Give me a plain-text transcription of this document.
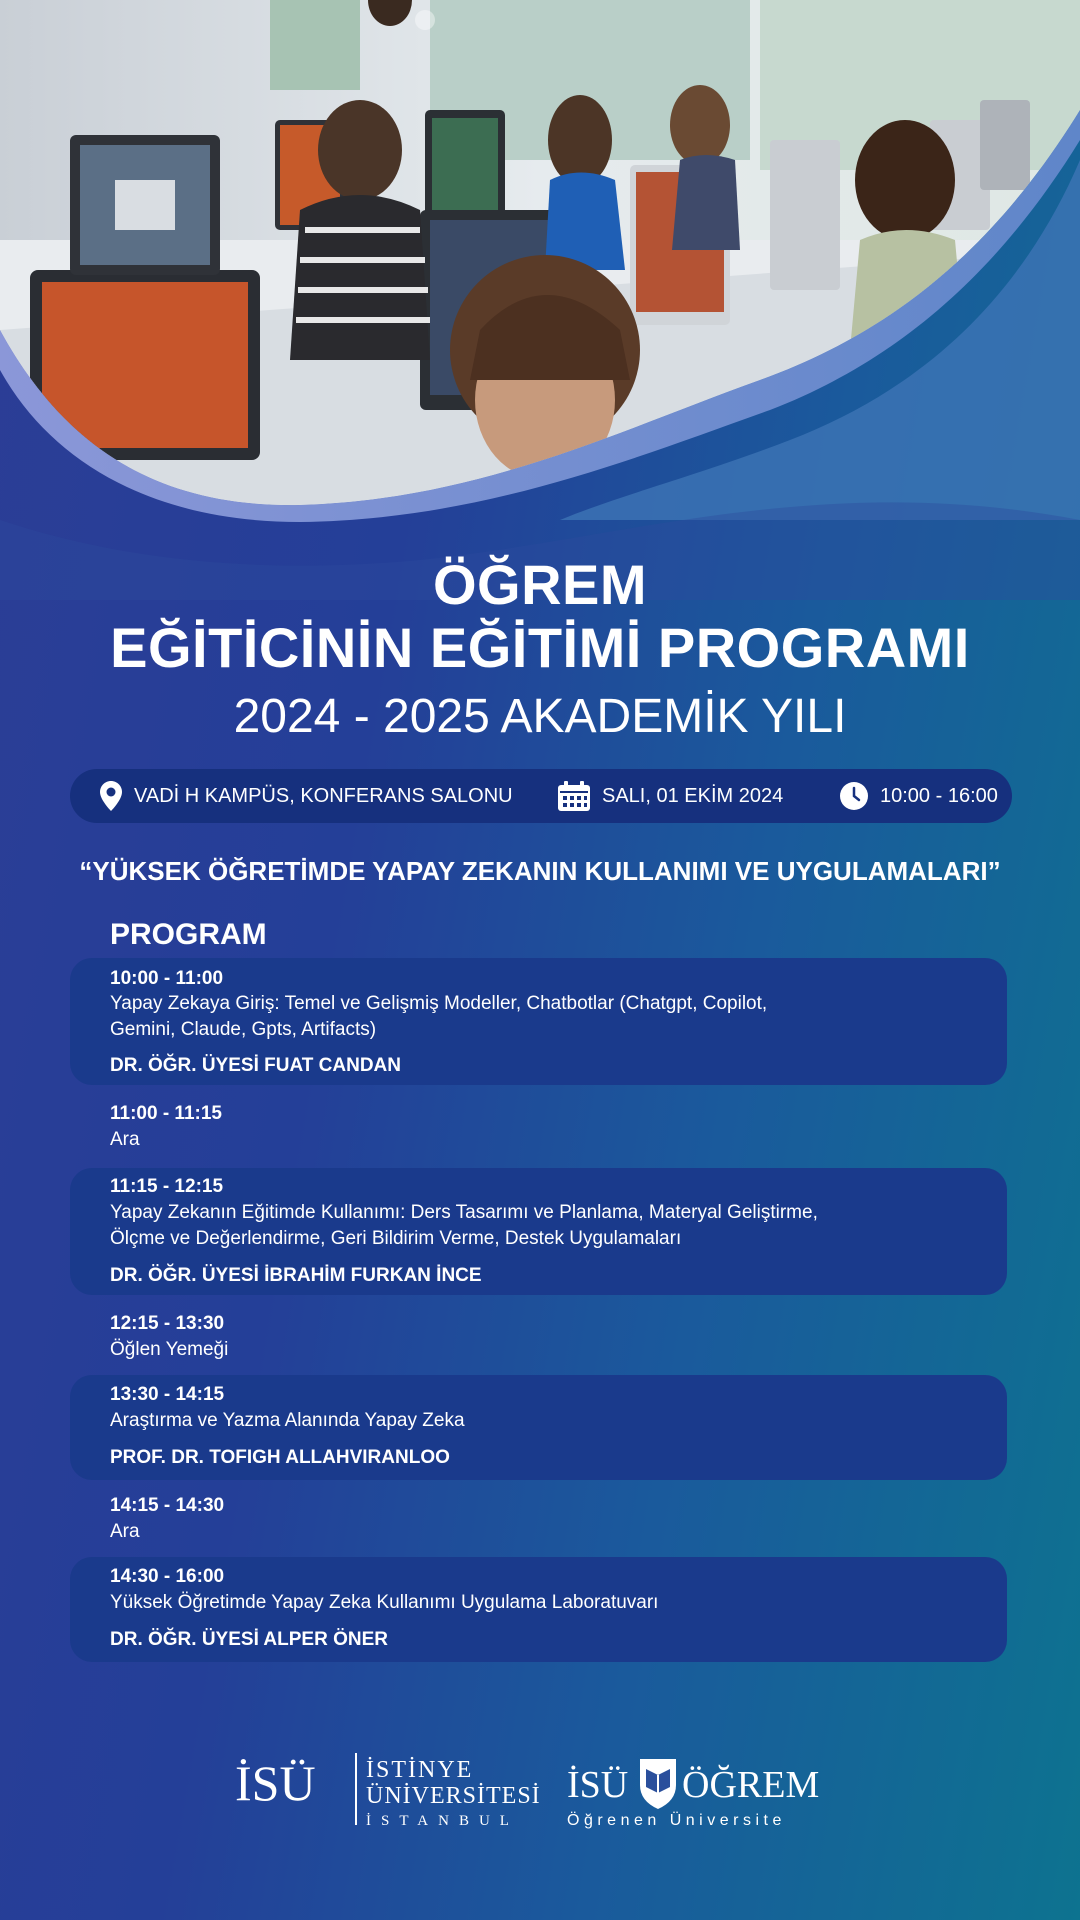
ÖĞREM
EĞİTİCİNİN EĞİTİMİ PROGRAMI
2024 - 2025 AKADEMİK YILI
VADİ H KAMPÜS, KONFERANS SALONU	SALI, 01 EKİM 2024	10:00 - 16:00
“YÜKSEK ÖĞRETİMDE YAPAY ZEKANIN KULLANIMI VE UYGULAMALARI”
PROGRAM
10:00 - 11:00
Yapay Zekaya Giriş: Temel ve Gelişmiş Modeller, Chatbotlar (Chatgpt, Copilot,
Gemini, Claude, Gpts, Artifacts)
DR. ÖĞR. ÜYESİ FUAT CANDAN
11:00 - 11:15
Ara
11:15 - 12:15
Yapay Zekanın Eğitimde Kullanımı: Ders Tasarımı ve Planlama, Materyal Geliştirme,
Ölçme ve Değerlendirme, Geri Bildirim Verme, Destek Uygulamaları
DR. ÖĞR. ÜYESİ İBRAHİM FURKAN İNCE
12:15 - 13:30
Öğlen Yemeği
13:30 - 14:15
Araştırma ve Yazma Alanında Yapay Zeka
PROF. DR. TOFIGH ALLAHVIRANLOO
14:15 - 14:30
Ara
14:30 - 16:00
Yüksek Öğretimde Yapay Zeka Kullanımı Uygulama Laboratuvarı
DR. ÖĞR. ÜYESİ ALPER ÖNER
İSÜ İSTİNYE
ÜNİVERSİTESİ
İSTANBUL
İSÜ ÖĞREM
Öğrenen Üniversite
